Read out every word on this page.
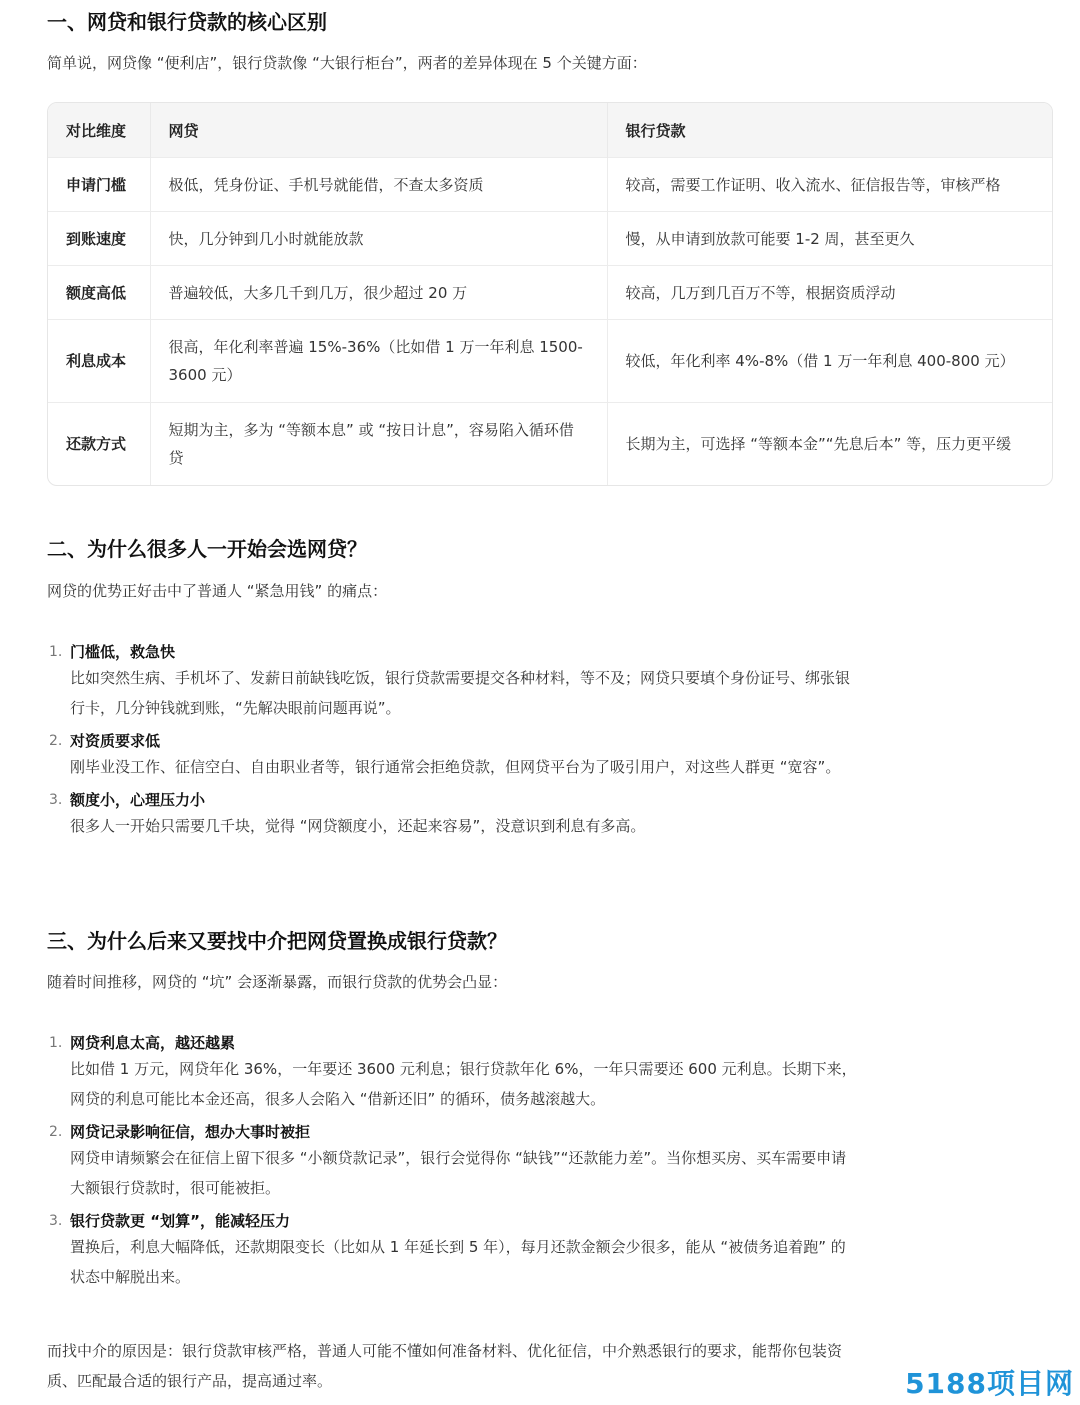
一、网贷和银行贷款的核心区别

简单说，网贷像 “便利店”，银行贷款像 “大银行柜台”，两者的差异体现在 5 个关键方面：

对比维度	网贷	银行贷款
申请门槛	极低，凭身份证、手机号就能借，不查太多资质	较高，需要工作证明、收入流水、征信报告等，审核严格
到账速度	快，几分钟到几小时就能放款	慢，从申请到放款可能要 1-2 周，甚至更久
额度高低	普遍较低，大多几千到几万，很少超过 20 万	较高，几万到几百万不等，根据资质浮动
利息成本	很高，年化利率普遍 15%-36%（比如借 1 万一年利息 1500-3600 元）	较低，年化利率 4%-8%（借 1 万一年利息 400-800 元）
还款方式	短期为主，多为 “等额本息” 或 “按日计息”，容易陷入循环借贷	长期为主，可选择 “等额本金”“先息后本” 等，压力更平缓
二、为什么很多人一开始会选网贷？

网贷的优势正好击中了普通人 “紧急用钱” 的痛点：

1. 门槛低，救急快
比如突然生病、手机坏了、发薪日前缺钱吃饭，银行贷款需要提交各种材料，等不及；网贷只要填个身份证号、绑张银行卡，几分钟钱就到账，“先解决眼前问题再说”。
2. 对资质要求低
刚毕业没工作、征信空白、自由职业者等，银行通常会拒绝贷款，但网贷平台为了吸引用户，对这些人群更 “宽容”。
3. 额度小，心理压力小
很多人一开始只需要几千块，觉得 “网贷额度小，还起来容易”，没意识到利息有多高。
三、为什么后来又要找中介把网贷置换成银行贷款？

随着时间推移，网贷的 “坑” 会逐渐暴露，而银行贷款的优势会凸显：

1. 网贷利息太高，越还越累
比如借 1 万元，网贷年化 36%，一年要还 3600 元利息；银行贷款年化 6%，一年只需要还 600 元利息。长期下来，网贷的利息可能比本金还高，很多人会陷入 “借新还旧” 的循环，债务越滚越大。
2. 网贷记录影响征信，想办大事时被拒
网贷申请频繁会在征信上留下很多 “小额贷款记录”，银行会觉得你 “缺钱”“还款能力差”。当你想买房、买车需要申请大额银行贷款时，很可能被拒。
3. 银行贷款更 “划算”，能减轻压力
置换后，利息大幅降低，还款期限变长（比如从 1 年延长到 5 年），每月还款金额会少很多，能从 “被债务追着跑” 的状态中解脱出来。

而找中介的原因是：银行贷款审核严格，普通人可能不懂如何准备材料、优化征信，中介熟悉银行的要求，能帮你包装资质、匹配最合适的银行产品，提高通过率。	5188项目网
